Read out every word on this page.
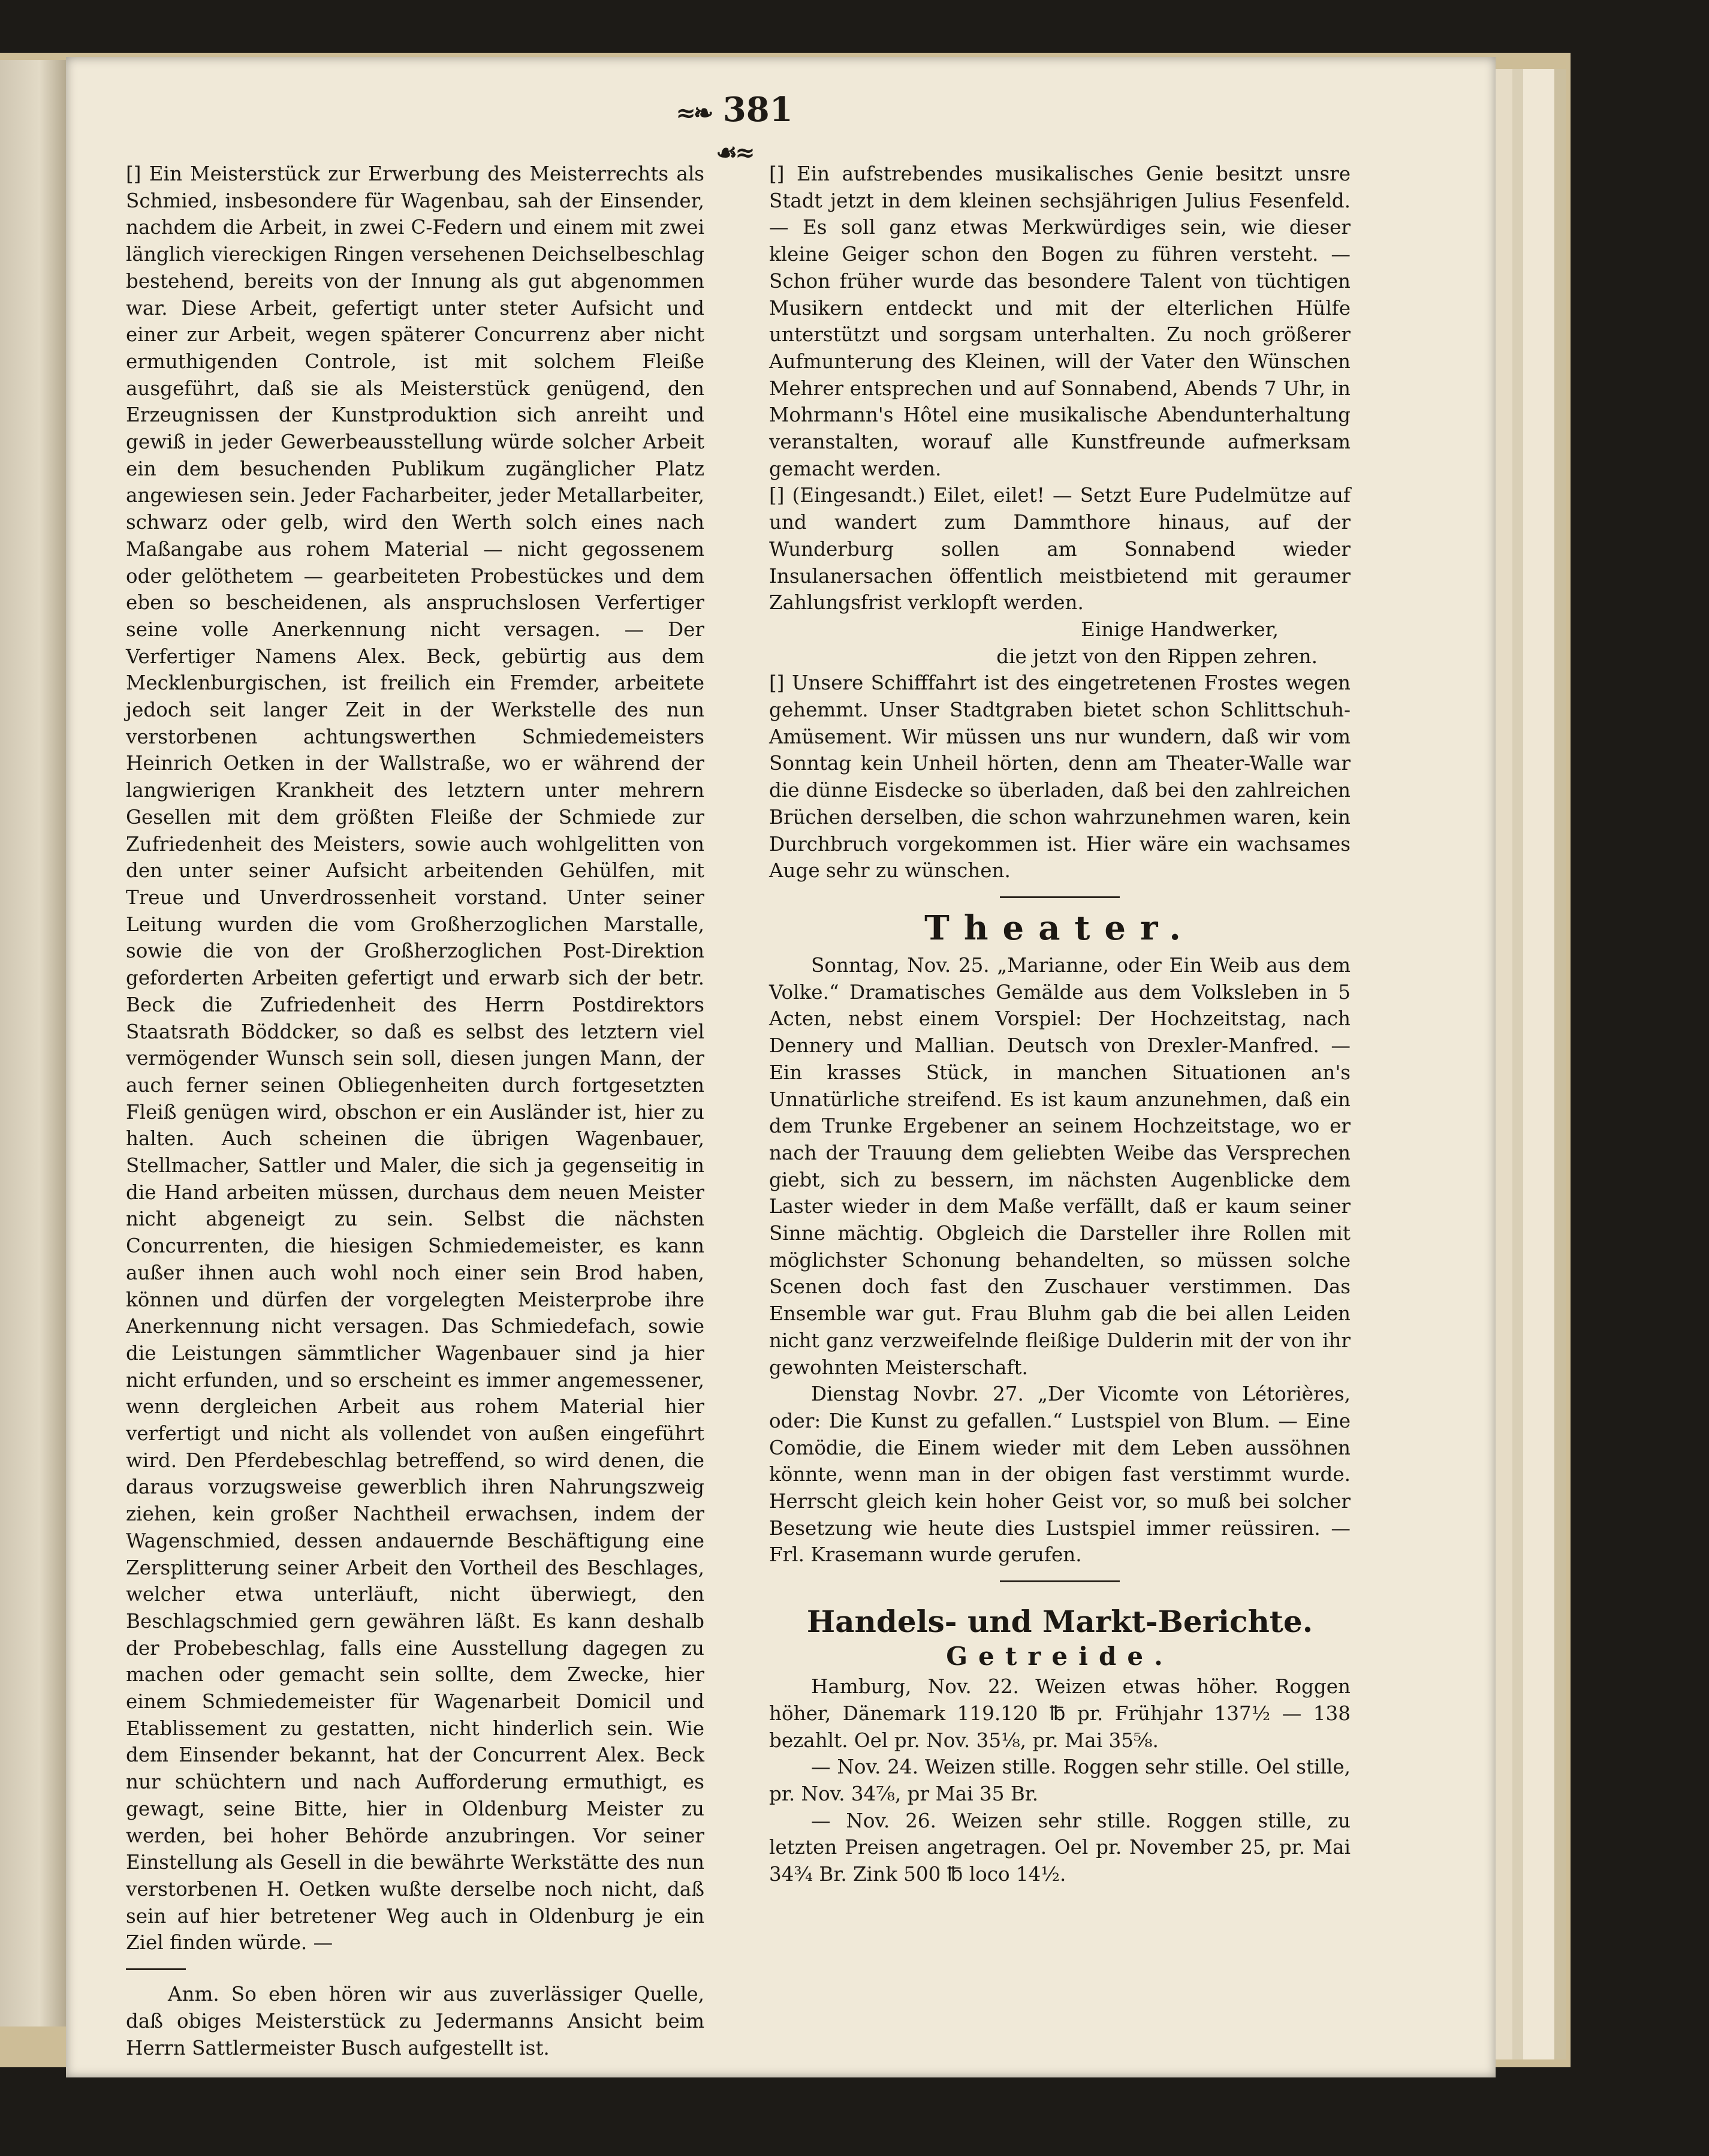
≈❧ 381 ☙≈

[] Ein Meisterstück zur Erwerbung des Meisterrechts als Schmied, insbesondere für Wagenbau, sah der Einsender, nachdem die Arbeit, in zwei C-Federn und einem mit zwei länglich viereckigen Ringen versehenen Deichselbeschlag bestehend, bereits von der Innung als gut abgenommen war. Diese Arbeit, gefertigt unter steter Aufsicht und einer zur Arbeit, wegen späterer Concurrenz aber nicht ermuthigenden Controle, ist mit solchem Fleiße ausgeführt, daß sie als Meisterstück genügend, den Erzeugnissen der Kunstproduktion sich anreiht und gewiß in jeder Gewerbeausstellung würde solcher Arbeit ein dem besuchenden Publikum zugänglicher Platz angewiesen sein. Jeder Facharbeiter, jeder Metallarbeiter, schwarz oder gelb, wird den Werth solch eines nach Maßangabe aus rohem Material — nicht gegossenem oder gelöthetem — gearbeiteten Probestückes und dem eben so bescheidenen, als anspruchslosen Verfertiger seine volle Anerkennung nicht versagen. — Der Verfertiger Namens Alex. Beck, gebürtig aus dem Mecklenburgischen, ist freilich ein Fremder, arbeitete jedoch seit langer Zeit in der Werkstelle des nun verstorbenen achtungswerthen Schmiedemeisters Heinrich Oetken in der Wallstraße, wo er während der langwierigen Krankheit des letztern unter mehrern Gesellen mit dem größten Fleiße der Schmiede zur Zufriedenheit des Meisters, sowie auch wohlgelitten von den unter seiner Aufsicht arbeitenden Gehülfen, mit Treue und Unverdrossenheit vorstand. Unter seiner Leitung wurden die vom Großherzoglichen Marstalle, sowie die von der Großherzoglichen Post-Direktion geforderten Arbeiten gefertigt und erwarb sich der betr. Beck die Zufriedenheit des Herrn Postdirektors Staatsrath Böddcker, so daß es selbst des letztern viel vermögender Wunsch sein soll, diesen jungen Mann, der auch ferner seinen Obliegenheiten durch fortgesetzten Fleiß genügen wird, obschon er ein Ausländer ist, hier zu halten. Auch scheinen die übrigen Wagenbauer, Stellmacher, Sattler und Maler, die sich ja gegenseitig in die Hand arbeiten müssen, durchaus dem neuen Meister nicht abgeneigt zu sein. Selbst die nächsten Concurrenten, die hiesigen Schmiedemeister, es kann außer ihnen auch wohl noch einer sein Brod haben, können und dürfen der vorgelegten Meisterprobe ihre Anerkennung nicht versagen. Das Schmiedefach, sowie die Leistungen sämmtlicher Wagenbauer sind ja hier nicht erfunden, und so erscheint es immer angemessener, wenn dergleichen Arbeit aus rohem Material hier verfertigt und nicht als vollendet von außen eingeführt wird. Den Pferdebeschlag betreffend, so wird denen, die daraus vorzugsweise gewerblich ihren Nahrungszweig ziehen, kein großer Nachtheil erwachsen, indem der Wagenschmied, dessen andauernde Beschäftigung eine Zersplitterung seiner Arbeit den Vortheil des Beschlages, welcher etwa unterläuft, nicht überwiegt, den Beschlagschmied gern gewähren läßt. Es kann deshalb der Probebeschlag, falls eine Ausstellung dagegen zu machen oder gemacht sein sollte, dem Zwecke, hier einem Schmiedemeister für Wagenarbeit Domicil und Etablissement zu gestatten, nicht hinderlich sein. Wie dem Einsender bekannt, hat der Concurrent Alex. Beck nur schüchtern und nach Aufforderung ermuthigt, es gewagt, seine Bitte, hier in Oldenburg Meister zu werden, bei hoher Behörde anzubringen. Vor seiner Einstellung als Gesell in die bewährte Werkstätte des nun verstorbenen H. Oetken wußte derselbe noch nicht, daß sein auf hier betretener Weg auch in Oldenburg je ein Ziel finden würde. —

Anm. So eben hören wir aus zuverlässiger Quelle, daß obiges Meisterstück zu Jedermanns Ansicht beim Herrn Sattlermeister Busch aufgestellt ist.

[] Ein aufstrebendes musikalisches Genie besitzt unsre Stadt jetzt in dem kleinen sechsjährigen Julius Fesenfeld. — Es soll ganz etwas Merkwürdiges sein, wie dieser kleine Geiger schon den Bogen zu führen versteht. — Schon früher wurde das besondere Talent von tüchtigen Musikern entdeckt und mit der elterlichen Hülfe unterstützt und sorgsam unterhalten. Zu noch größerer Aufmunterung des Kleinen, will der Vater den Wünschen Mehrer entsprechen und auf Sonnabend, Abends 7 Uhr, in Mohrmann's Hôtel eine musikalische Abendunterhaltung veranstalten, worauf alle Kunstfreunde aufmerksam gemacht werden.

[] (Eingesandt.) Eilet, eilet! — Setzt Eure Pudelmütze auf und wandert zum Dammthore hinaus, auf der Wunderburg sollen am Sonnabend wieder Insulanersachen öffentlich meistbietend mit geraumer Zahlungsfrist verklopft werden.

Einige Handwerker,

die jetzt von den Rippen zehren.

[] Unsere Schifffahrt ist des eingetretenen Frostes wegen gehemmt. Unser Stadtgraben bietet schon Schlittschuh-Amüsement. Wir müssen uns nur wundern, daß wir vom Sonntag kein Unheil hörten, denn am Theater-Walle war die dünne Eisdecke so überladen, daß bei den zahlreichen Brüchen derselben, die schon wahrzunehmen waren, kein Durchbruch vorgekommen ist. Hier wäre ein wachsames Auge sehr zu wünschen.

Theater.

Sonntag, Nov. 25. „Marianne, oder Ein Weib aus dem Volke.“ Dramatisches Gemälde aus dem Volksleben in 5 Acten, nebst einem Vorspiel: Der Hochzeitstag, nach Dennery und Mallian. Deutsch von Drexler-Manfred. — Ein krasses Stück, in manchen Situationen an's Unnatürliche streifend. Es ist kaum anzunehmen, daß ein dem Trunke Ergebener an seinem Hochzeitstage, wo er nach der Trauung dem geliebten Weibe das Versprechen giebt, sich zu bessern, im nächsten Augenblicke dem Laster wieder in dem Maße verfällt, daß er kaum seiner Sinne mächtig. Obgleich die Darsteller ihre Rollen mit möglichster Schonung behandelten, so müssen solche Scenen doch fast den Zuschauer verstimmen. Das Ensemble war gut. Frau Bluhm gab die bei allen Leiden nicht ganz verzweifelnde fleißige Dulderin mit der von ihr gewohnten Meisterschaft.

Dienstag Novbr. 27. „Der Vicomte von Létorières, oder: Die Kunst zu gefallen.“ Lustspiel von Blum. — Eine Comödie, die Einem wieder mit dem Leben aussöhnen könnte, wenn man in der obigen fast verstimmt wurde. Herrscht gleich kein hoher Geist vor, so muß bei solcher Besetzung wie heute dies Lustspiel immer reüssiren. — Frl. Krasemann wurde gerufen.

Handels- und Markt-Berichte.
Getreide.

Hamburg, Nov. 22. Weizen etwas höher. Roggen höher, Dänemark 119.120 ℔ pr. Frühjahr 137½ — 138 bezahlt. Oel pr. Nov. 35⅛, pr. Mai 35⅝.

— Nov. 24. Weizen stille. Roggen sehr stille. Oel stille, pr. Nov. 34⅞, pr Mai 35 Br.

— Nov. 26. Weizen sehr stille. Roggen stille, zu letzten Preisen angetragen. Oel pr. November 25, pr. Mai 34¾ Br. Zink 500 ℔ loco 14½.
